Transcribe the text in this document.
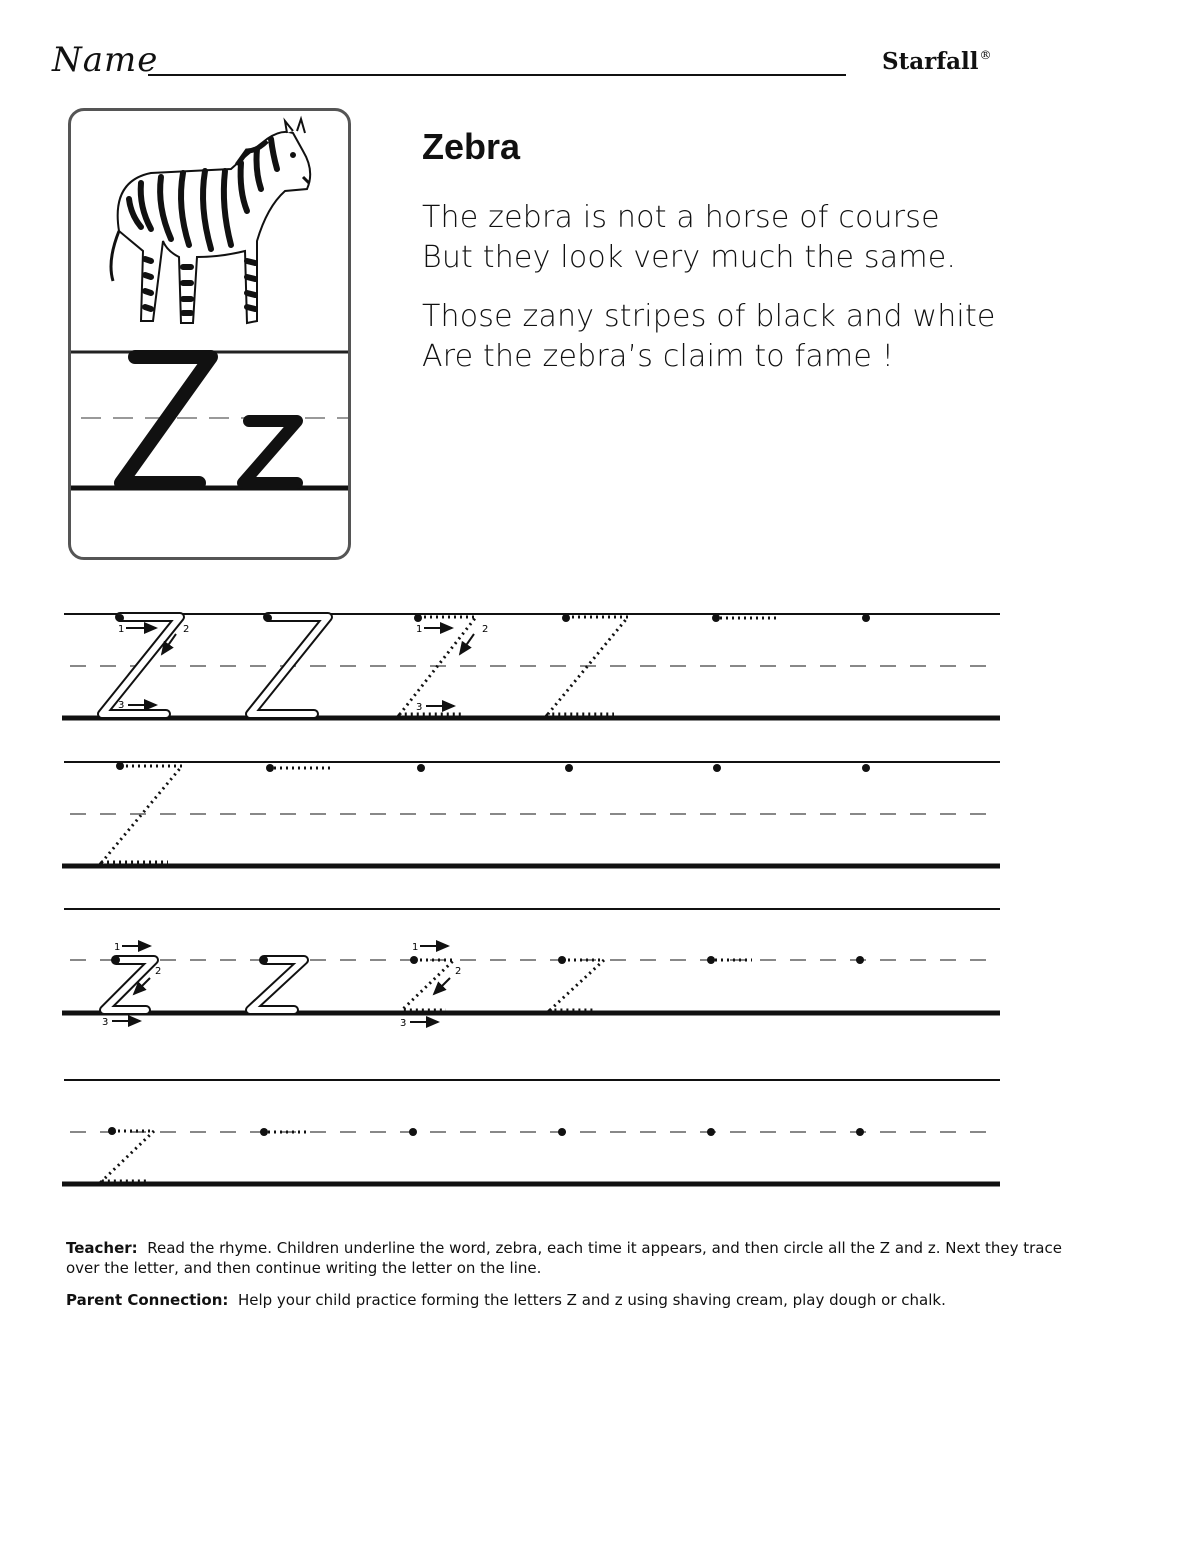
Name	Starfall®
Zebra
The zebra is not a horse of course
But they look very much the same.
Those zany stripes of black and white
Are the zebra’s claim to fame !
1	2
3
1	2
3
1
2
3
1
2
3

Teacher: Read the rhyme. Children underline the word, zebra, each time it appears, and then circle all the Z and z. Next they trace over the letter, and then continue writing the letter on the line.

Parent Connection: Help your child practice forming the letters Z and z using shaving cream, play dough or chalk.
